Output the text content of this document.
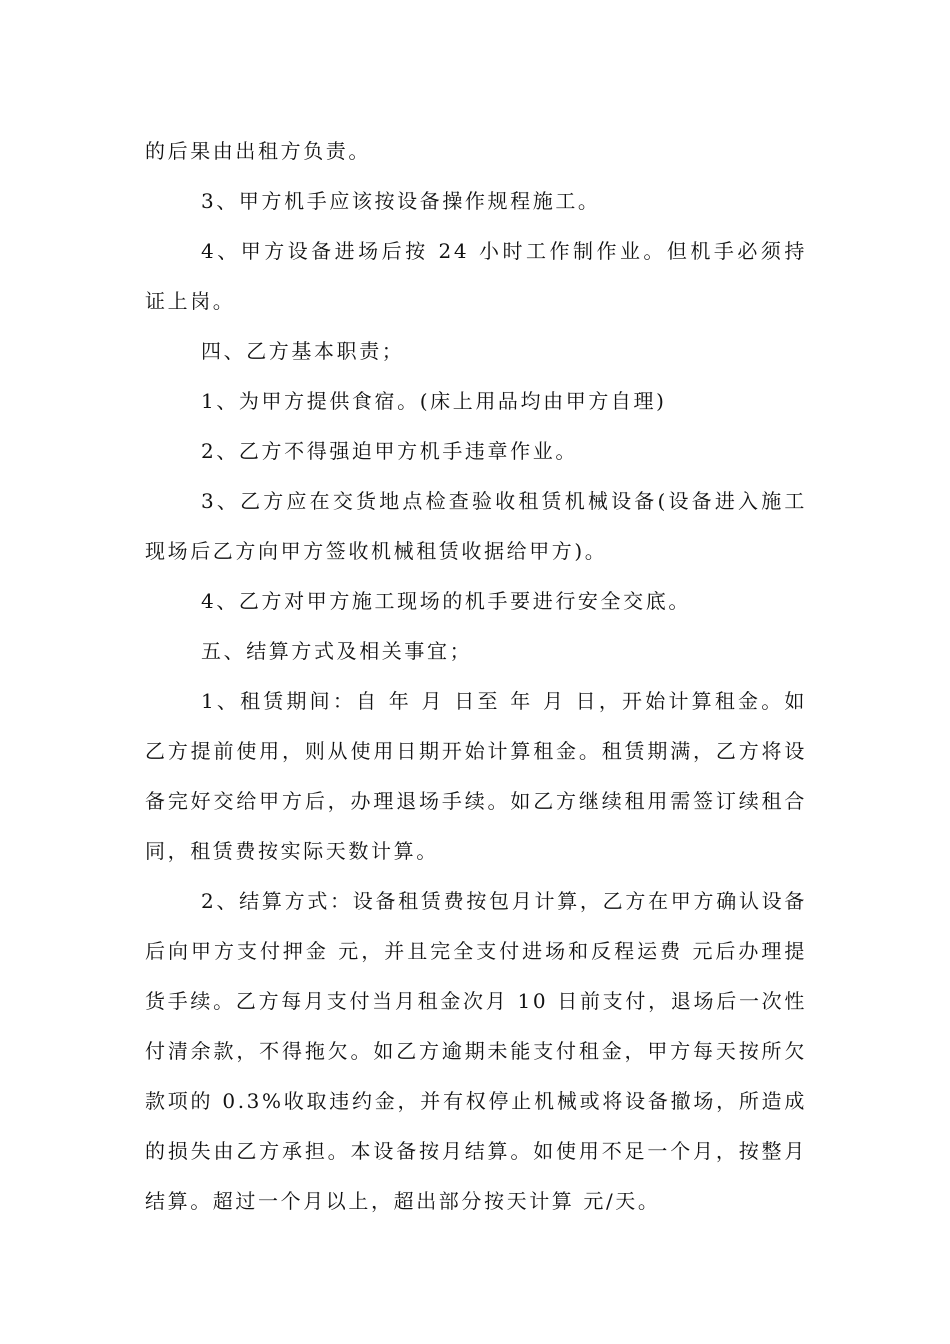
的后果由出租方负责。

3、甲方机手应该按设备操作规程施工。

4、甲方设备进场后按 24 小时工作制作业。但机手必须持证上岗。

四、乙方基本职责；

1、为甲方提供食宿。(床上用品均由甲方自理)

2、乙方不得强迫甲方机手违章作业。

3、乙方应在交货地点检查验收租赁机械设备(设备进入施工现场后乙方向甲方签收机械租赁收据给甲方)。

4、乙方对甲方施工现场的机手要进行安全交底。

五、结算方式及相关事宜；

1、租赁期间：自 年 月 日至 年 月 日，开始计算租金。如乙方提前使用，则从使用日期开始计算租金。租赁期满，乙方将设备完好交给甲方后，办理退场手续。如乙方继续租用需签订续租合同，租赁费按实际天数计算。

2、结算方式：设备租赁费按包月计算，乙方在甲方确认设备后向甲方支付押金 元，并且完全支付进场和反程运费 元后办理提货手续。乙方每月支付当月租金次月 10 日前支付，退场后一次性付清余款，不得拖欠。如乙方逾期未能支付租金，甲方每天按所欠款项的 0.3%收取违约金，并有权停止机械或将设备撤场，所造成的损失由乙方承担。本设备按月结算。如使用不足一个月，按整月结算。超过一个月以上，超出部分按天计算 元/天。
